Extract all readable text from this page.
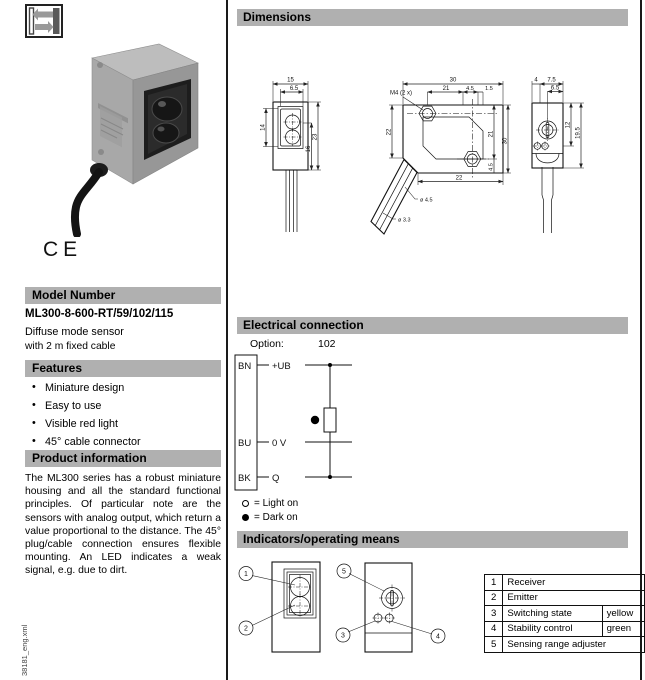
CE
Model Number
ML300-8-600-RT/59/102/115
Diffuse mode sensor
with 2 m fixed cable
Features
• Miniature design
• Easy to use
• Visible red light
• 45° cable connector
Product information
The ML300 series has a robust miniature housing and all the standard functional principles. Of particular note are the sensors with analog output, which return a value proportional to the distance. The 45° plug/cable connection ensures flexible mounting. An LED indicates a weak signal, e.g. due to dirt.
38181_eng.xml
Dimensions
15
6.5
14
23
16
ø 4.5
ø 3.3
30
21	4.5 1.5
M4 (2 x)
22	21
30
4.5
22
4 7.5
6.5
12
19.5
Electrical connection
Option:	102
BN
BU
BK
+UB
0 V
Q
= Light on
= Dark on
Indicators/operating means
1
2
5
3	4
1	Receiver	
2	Emitter	
3	Switching state	yellow
4	Stability control	green
5	Sensing range adjuster	
